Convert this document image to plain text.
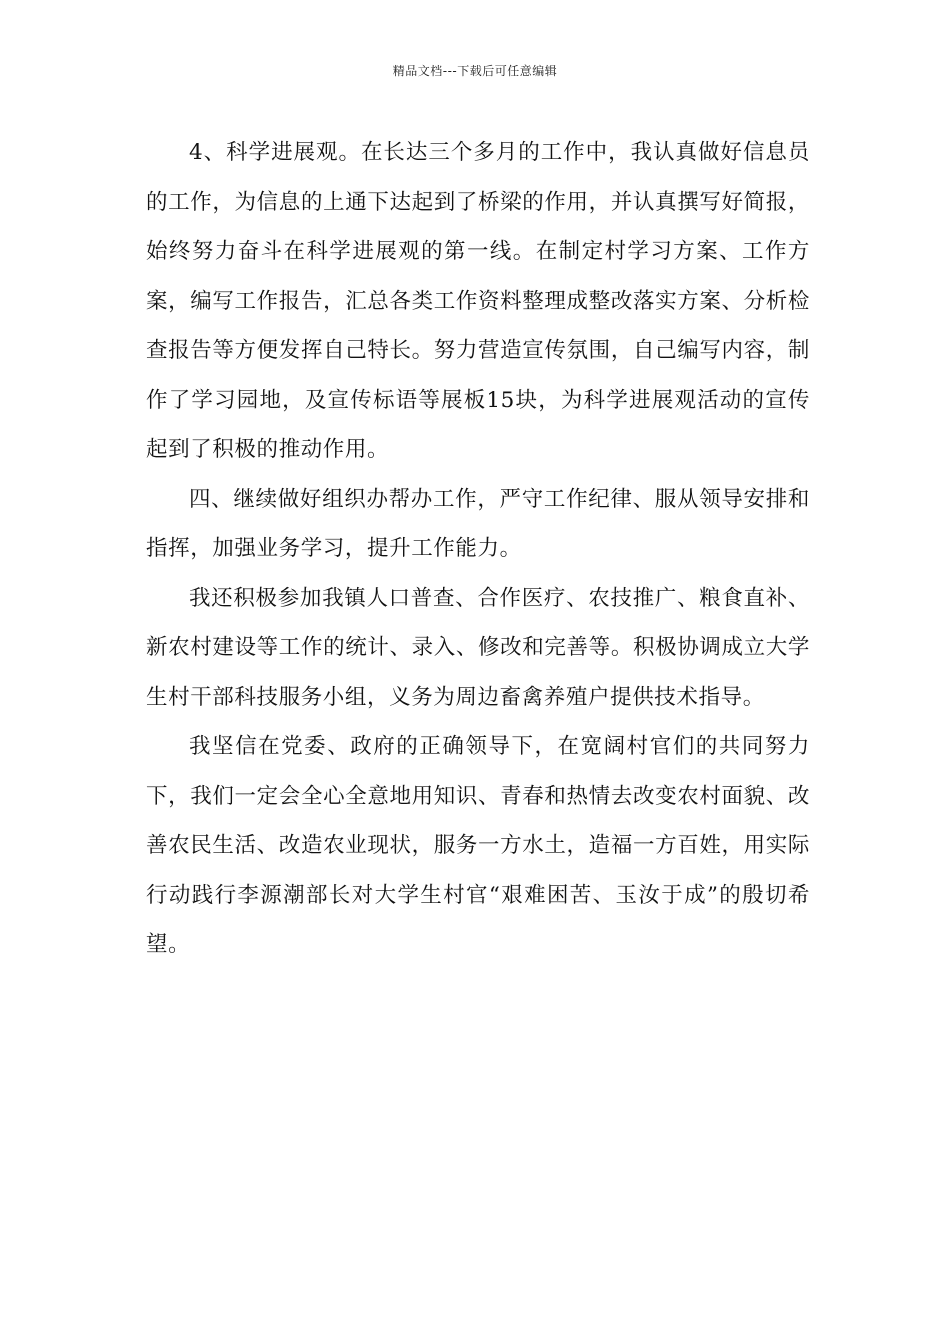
精品文档---下载后可任意编辑

4、科学进展观。在长达三个多月的工作中，我认真做好信息员的工作，为信息的上通下达起到了桥梁的作用，并认真撰写好简报，始终努力奋斗在科学进展观的第一线。在制定村学习方案、工作方案，编写工作报告，汇总各类工作资料整理成整改落实方案、分析检查报告等方便发挥自己特长。努力营造宣传氛围，自己编写内容，制作了学习园地，及宣传标语等展板15块，为科学进展观活动的宣传起到了积极的推动作用。

四、继续做好组织办帮办工作，严守工作纪律、服从领导安排和指挥，加强业务学习，提升工作能力。

我还积极参加我镇人口普查、合作医疗、农技推广、粮食直补、新农村建设等工作的统计、录入、修改和完善等。积极协调成立大学生村干部科技服务小组，义务为周边畜禽养殖户提供技术指导。

我坚信在党委、政府的正确领导下，在宽阔村官们的共同努力下，我们一定会全心全意地用知识、青春和热情去改变农村面貌、改善农民生活、改造农业现状，服务一方水土，造福一方百姓，用实际行动践行李源潮部长对大学生村官“艰难困苦、玉汝于成”的殷切希望。
